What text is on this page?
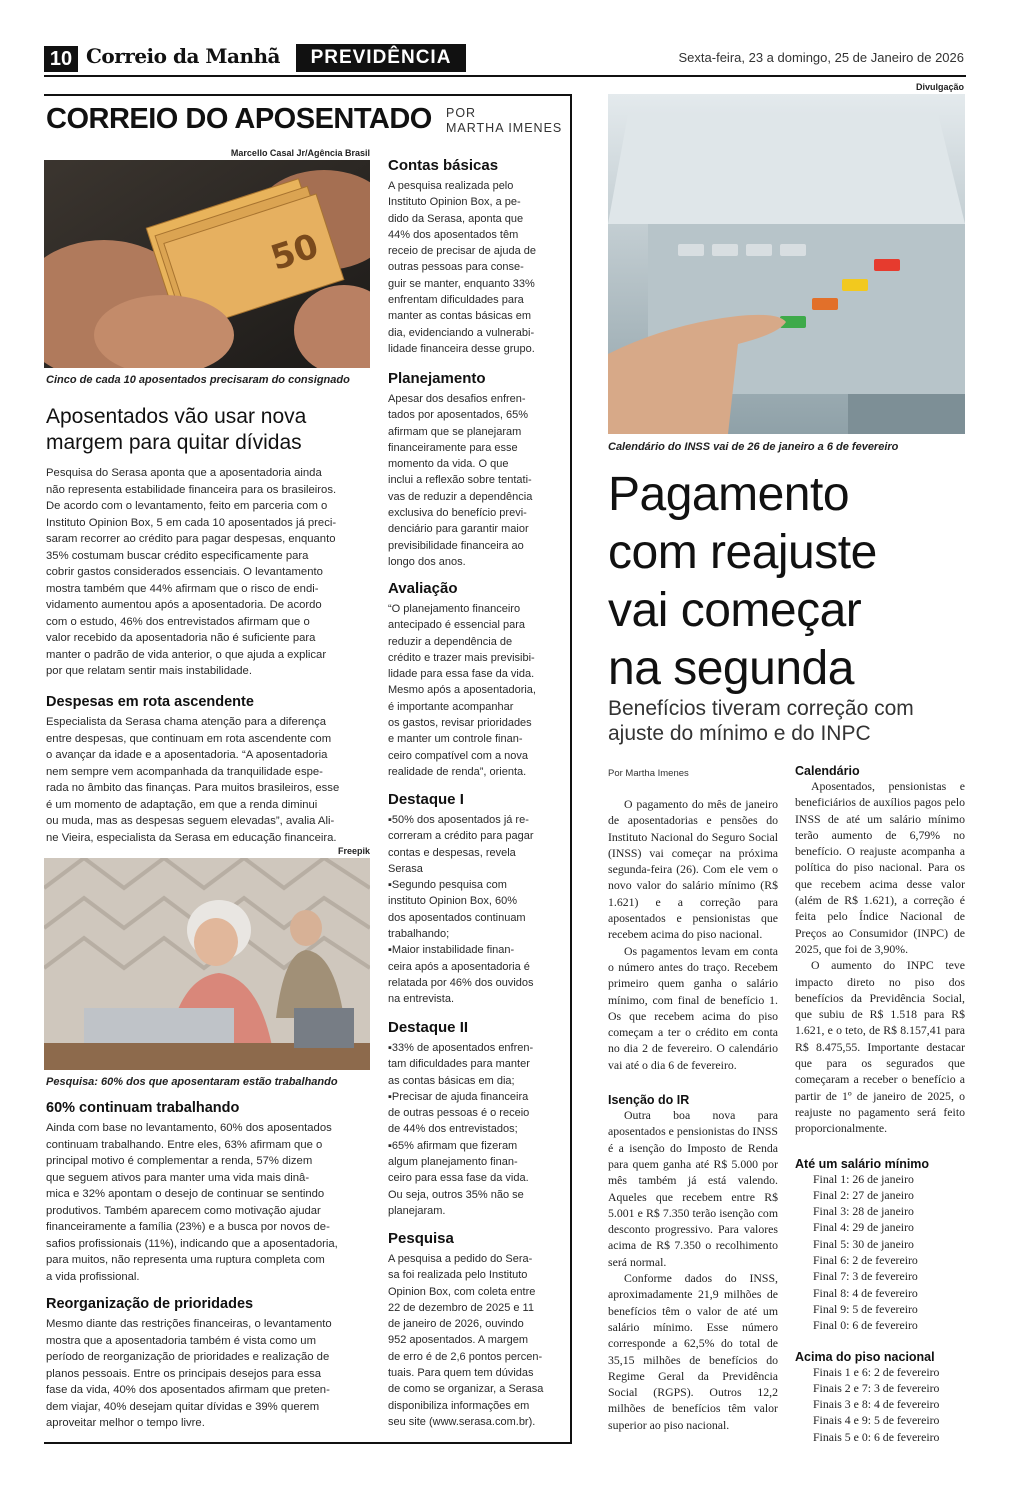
10 Correio da Manhã	PREVIDÊNCIA	Sexta-feira, 23 a domingo, 25 de Janeiro de 2026
CORREIO DO APOSENTADO POR
MARTHA IMENES
Marcello Casal Jr/Agência Brasil
50
Cinco de cada 10 aposentados precisaram do consignado
Aposentados vão usar nova
margem para quitar dívidas
Pesquisa do Serasa aponta que a aposentadoria ainda
não representa estabilidade financeira para os brasileiros.
De acordo com o levantamento, feito em parceria com o
Instituto Opinion Box, 5 em cada 10 aposentados já preci-
saram recorrer ao crédito para pagar despesas, enquanto
35% costumam buscar crédito especificamente para
cobrir gastos considerados essenciais. O levantamento
mostra também que 44% afirmam que o risco de endi-
vidamento aumentou após a aposentadoria. De acordo
com o estudo, 46% dos entrevistados afirmam que o
valor recebido da aposentadoria não é suficiente para
manter o padrão de vida anterior, o que ajuda a explicar
por que relatam sentir mais instabilidade.
Despesas em rota ascendente
Especialista da Serasa chama atenção para a diferença
entre despesas, que continuam em rota ascendente com
o avançar da idade e a aposentadoria. “A aposentadoria
nem sempre vem acompanhada da tranquilidade espe-
rada no âmbito das finanças. Para muitos brasileiros, esse
é um momento de adaptação, em que a renda diminui
ou muda, mas as despesas seguem elevadas”, avalia Ali-
ne Vieira, especialista da Serasa em educação financeira.
Freepik
Pesquisa: 60% dos que aposentaram estão trabalhando
60% continuam trabalhando
Ainda com base no levantamento, 60% dos aposentados
continuam trabalhando. Entre eles, 63% afirmam que o
principal motivo é complementar a renda, 57% dizem
que seguem ativos para manter uma vida mais dinâ-
mica e 32% apontam o desejo de continuar se sentindo
produtivos. Também aparecem como motivação ajudar
financeiramente a família (23%) e a busca por novos de-
safios profissionais (11%), indicando que a aposentadoria,
para muitos, não representa uma ruptura completa com
a vida profissional.
Reorganização de prioridades
Mesmo diante das restrições financeiras, o levantamento
mostra que a aposentadoria também é vista como um
período de reorganização de prioridades e realização de
planos pessoais. Entre os principais desejos para essa
fase da vida, 40% dos aposentados afirmam que preten-
dem viajar, 40% desejam quitar dívidas e 39% querem
aproveitar melhor o tempo livre.
Contas básicas
A pesquisa realizada pelo
Instituto Opinion Box, a pe-
dido da Serasa, aponta que
44% dos aposentados têm
receio de precisar de ajuda de
outras pessoas para conse-
guir se manter, enquanto 33%
enfrentam dificuldades para
manter as contas básicas em
dia, evidenciando a vulnerabi-
lidade financeira desse grupo.
Planejamento
Apesar dos desafios enfren-
tados por aposentados, 65%
afirmam que se planejaram
financeiramente para esse
momento da vida. O que
inclui a reflexão sobre tentati-
vas de reduzir a dependência
exclusiva do benefício previ-
denciário para garantir maior
previsibilidade financeira ao
longo dos anos.
Avaliação
“O planejamento financeiro
antecipado é essencial para
reduzir a dependência de
crédito e trazer mais previsibi-
lidade para essa fase da vida.
Mesmo após a aposentadoria,
é importante acompanhar
os gastos, revisar prioridades
e manter um controle finan-
ceiro compatível com a nova
realidade de renda”, orienta.
Destaque I
▪50% dos aposentados já re-
correram a crédito para pagar
contas e despesas, revela
Serasa
▪Segundo pesquisa com
instituto Opinion Box, 60%
dos aposentados continuam
trabalhando;
▪Maior instabilidade finan-
ceira após a aposentadoria é
relatada por 46% dos ouvidos
na entrevista.
Destaque II
▪33% de aposentados enfren-
tam dificuldades para manter
as contas básicas em dia;
▪Precisar de ajuda financeira
de outras pessoas é o receio
de 44% dos entrevistados;
▪65% afirmam que fizeram
algum planejamento finan-
ceiro para essa fase da vida.
Ou seja, outros 35% não se
planejaram.
Pesquisa
A pesquisa a pedido do Sera-
sa foi realizada pelo Instituto
Opinion Box, com coleta entre
22 de dezembro de 2025 e 11
de janeiro de 2026, ouvindo
952 aposentados. A margem
de erro é de 2,6 pontos percen-
tuais. Para quem tem dúvidas
de como se organizar, a Serasa
disponibiliza informações em
seu site (www.serasa.com.br).
Divulgação
Calendário do INSS vai de 26 de janeiro a 6 de fevereiro
Pagamento
com reajuste
vai começar
na segunda
Benefícios tiveram correção com
ajuste do mínimo e do INPC
Por Martha Imenes

O pagamento do mês de janeiro de aposentadorias e pensões do Instituto Nacional do Seguro Social (INSS) vai começar na próxima segunda-feira (26). Com ele vem o novo valor do salário mínimo (R$ 1.621) e a correção para aposentados e pensionistas que recebem acima do piso nacional.

Os pagamentos levam em conta o número antes do traço. Recebem primeiro quem ganha o salário mínimo, com final de benefício 1. Os que recebem acima do piso começam a ter o crédito em conta no dia 2 de fevereiro. O calendário vai até o dia 6 de fevereiro.

Isenção do IR

Outra boa nova para aposentados e pensionistas do INSS é a isenção do Imposto de Renda para quem ganha até R$ 5.000 por mês também já está valendo. Aqueles que recebem entre R$ 5.001 e R$ 7.350 terão isenção com desconto progressivo. Para valores acima de R$ 7.350 o recolhimento será normal.

Conforme dados do INSS, aproximadamente 21,9 milhões de benefícios têm o valor de até um salário mínimo. Esse número corresponde a 62,5% do total de 35,15 milhões de benefícios do Regime Geral da Previdência Social (RGPS). Outros 12,2 milhões de benefícios têm valor superior ao piso nacional.

Calendário

Aposentados, pensionistas e beneficiários de auxílios pagos pelo INSS de até um salário mínimo terão aumento de 6,79% no benefício. O reajuste acompanha a política do piso nacional. Para os que recebem acima desse valor (além de R$ 1.621), a correção é feita pelo Índice Nacional de Preços ao Consumidor (INPC) de 2025, que foi de 3,90%.

O aumento do INPC teve impacto direto no piso dos benefícios da Previdência Social, que subiu de R$ 1.518 para R$ 1.621, e o teto, de R$ 8.157,41 para R$ 8.475,55. Importante destacar que para os segurados que começaram a receber o benefício a partir de 1º de janeiro de 2025, o reajuste no pagamento será feito proporcionalmente.

Até um salário mínimo

Final 1: 26 de janeiro
Final 2: 27 de janeiro
Final 3: 28 de janeiro
Final 4: 29 de janeiro
Final 5: 30 de janeiro
Final 6: 2 de fevereiro
Final 7: 3 de fevereiro
Final 8: 4 de fevereiro
Final 9: 5 de fevereiro
Final 0: 6 de fevereiro

Acima do piso nacional

Finais 1 e 6: 2 de fevereiro
Finais 2 e 7: 3 de fevereiro
Finais 3 e 8: 4 de fevereiro
Finais 4 e 9: 5 de fevereiro
Finais 5 e 0: 6 de fevereiro
